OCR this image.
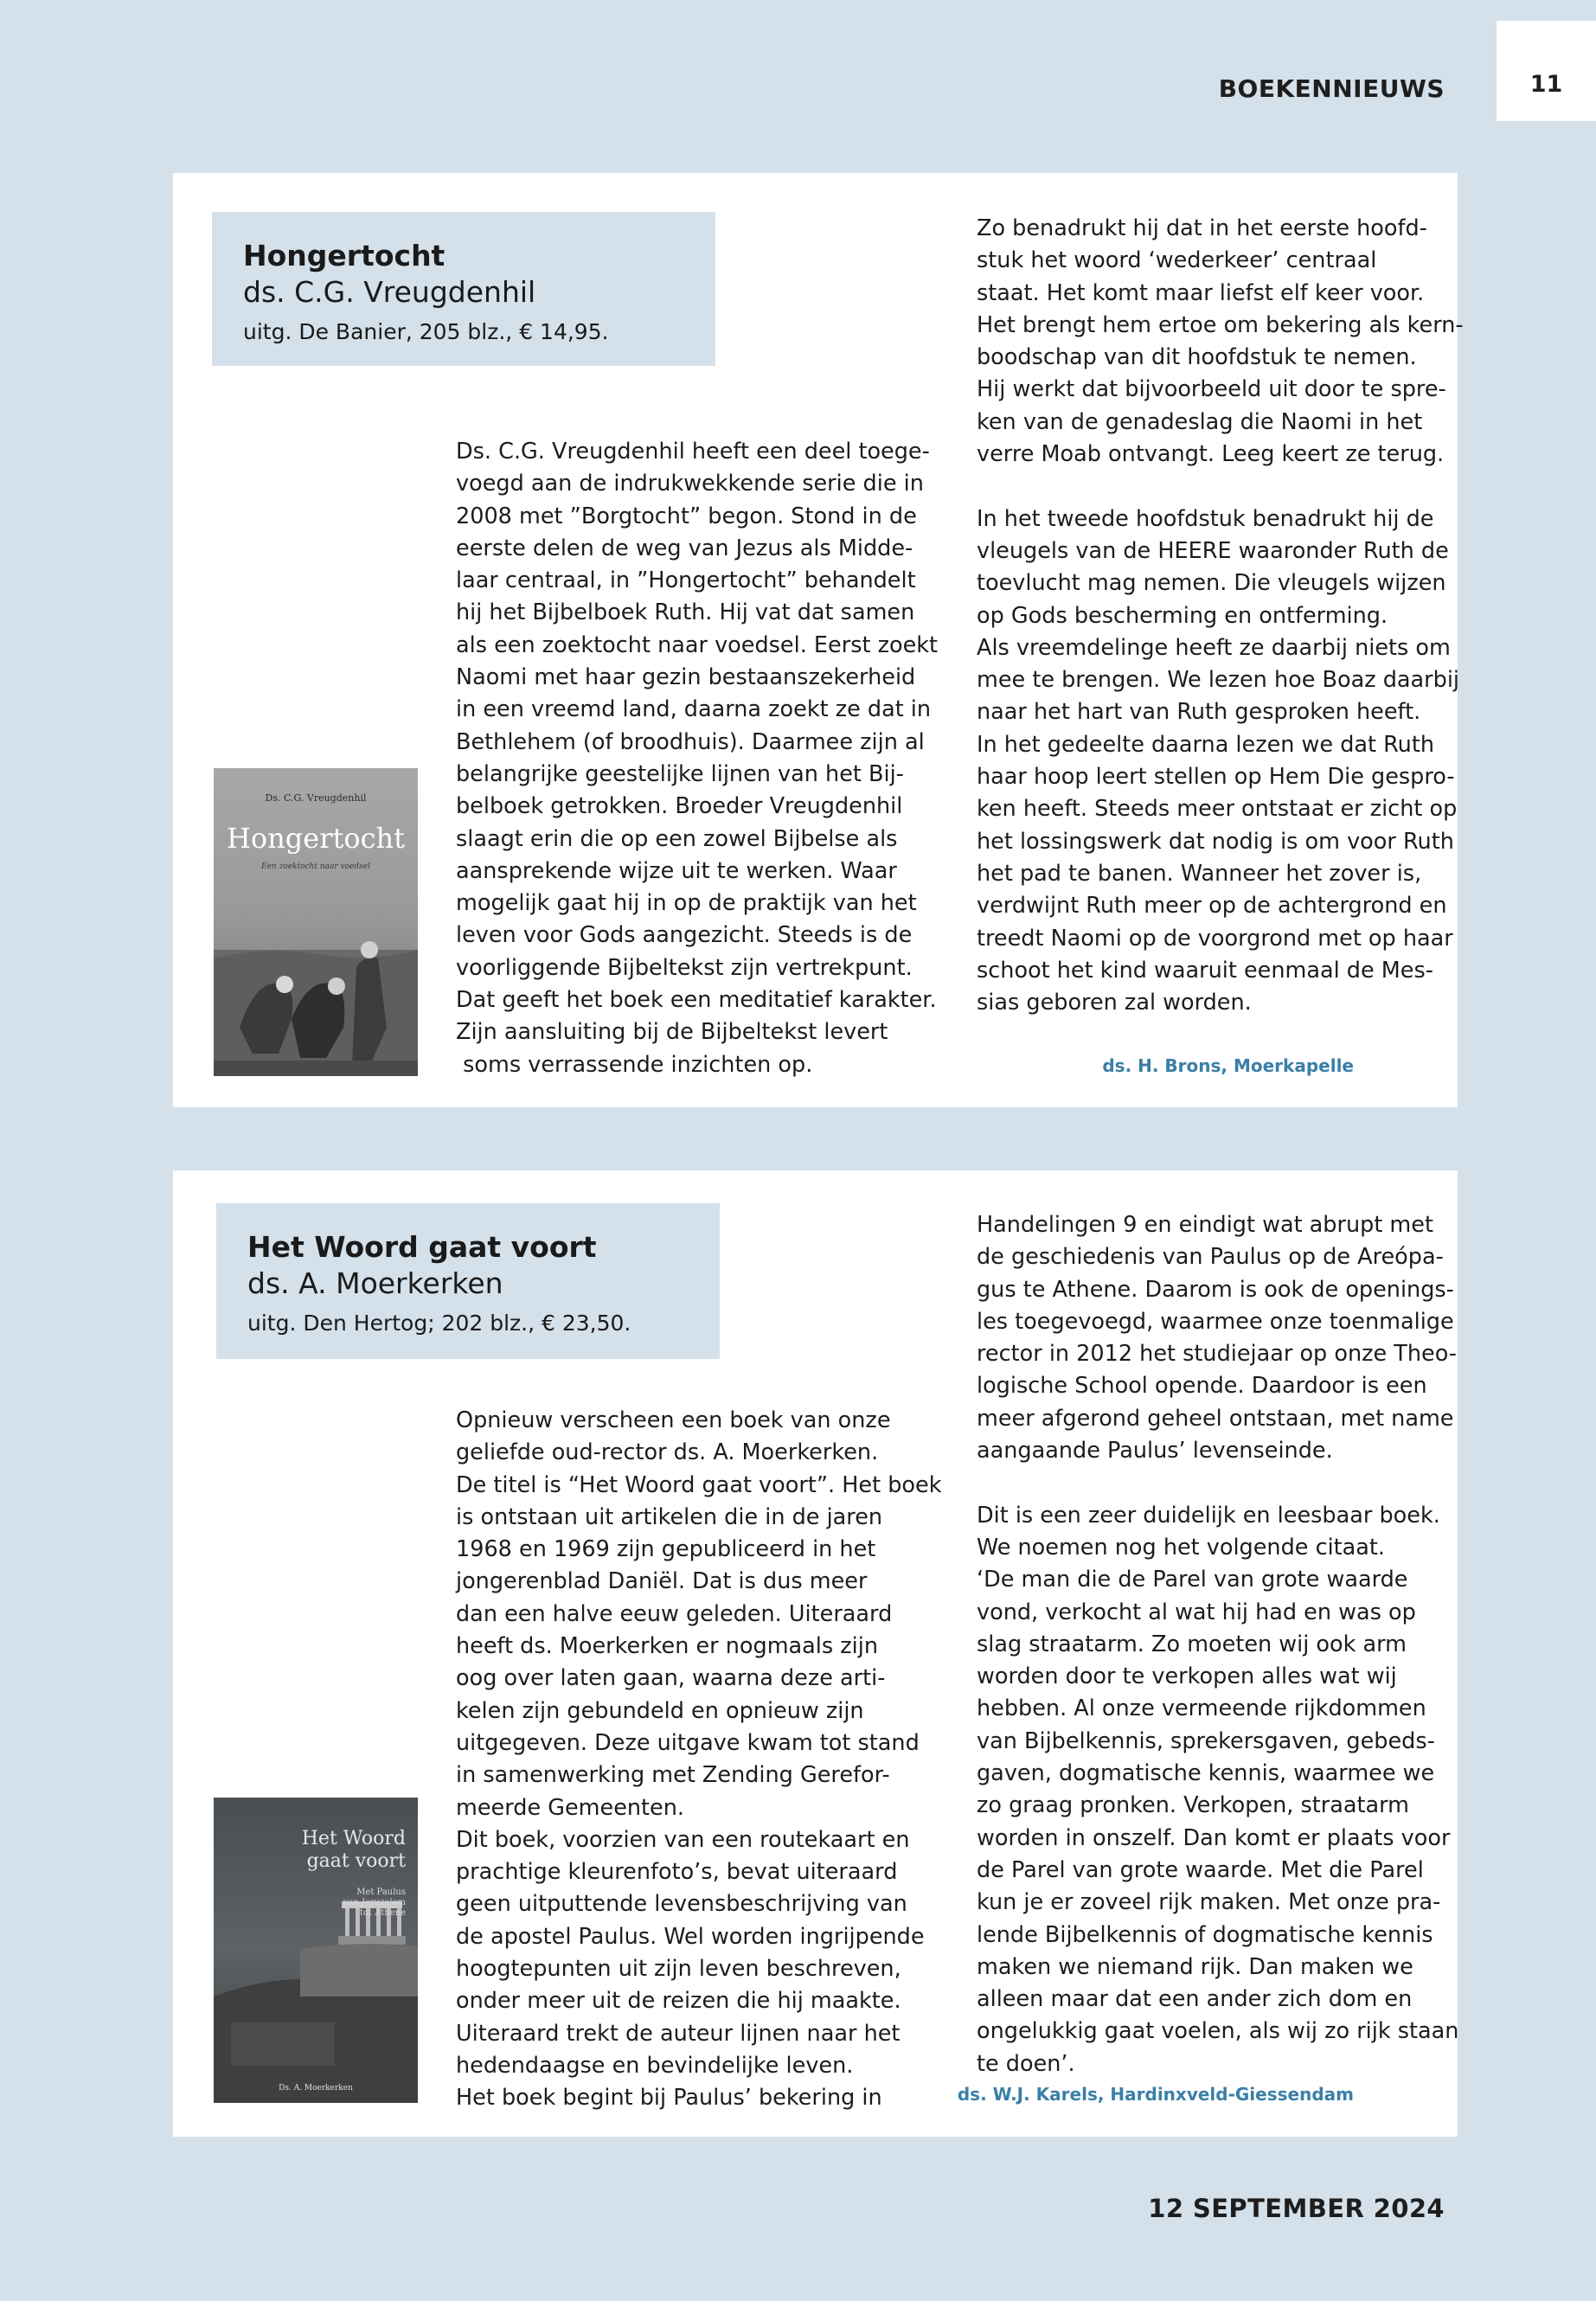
11
BOEKENNIEUWS
Hongertocht
ds. C.G. Vreugdenhil
uitg. De Banier, 205 blz., € 14,95.
Ds. C.G. Vreugdenhil
Hongertocht
Een zoektocht naar voedsel

Ds. C.G. Vreugdenhil heeft een deel toege-

voegd aan de indrukwekkende serie die in

2008 met ”Borgtocht” begon. Stond in de

eerste delen de weg van Jezus als Midde-

laar centraal, in ”Hongertocht” behandelt

hij het Bijbelboek Ruth. Hij vat dat samen

als een zoektocht naar voedsel. Eerst zoekt

Naomi met haar gezin bestaanszekerheid

in een vreemd land, daarna zoekt ze dat in

Bethlehem (of broodhuis). Daarmee zijn al

belangrijke geestelijke lijnen van het Bij-

belboek getrokken. Broeder Vreugdenhil

slaagt erin die op een zowel Bijbelse als

aansprekende wijze uit te werken. Waar

mogelijk gaat hij in op de praktijk van het

leven voor Gods aangezicht. Steeds is de

voorliggende Bijbeltekst zijn vertrekpunt.

Dat geeft het boek een meditatief karakter.

Zijn aansluiting bij de Bijbeltekst levert

soms verrassende inzichten op.

Zo benadrukt hij dat in het eerste hoofd-

stuk het woord ‘wederkeer’ centraal

staat. Het komt maar liefst elf keer voor.

Het brengt hem ertoe om bekering als kern-

boodschap van dit hoofdstuk te nemen.

Hij werkt dat bijvoorbeeld uit door te spre-

ken van de genadeslag die Naomi in het

verre Moab ontvangt. Leeg keert ze terug.

In het tweede hoofdstuk benadrukt hij de

vleugels van de HEERE waaronder Ruth de

toevlucht mag nemen. Die vleugels wijzen

op Gods bescherming en ontferming.

Als vreemdelinge heeft ze daarbij niets om

mee te brengen. We lezen hoe Boaz daarbij

naar het hart van Ruth gesproken heeft.

In het gedeelte daarna lezen we dat Ruth

haar hoop leert stellen op Hem Die gespro-

ken heeft. Steeds meer ontstaat er zicht op

het lossingswerk dat nodig is om voor Ruth

het pad te banen. Wanneer het zover is,

verdwijnt Ruth meer op de achtergrond en

treedt Naomi op de voorgrond met op haar

schoot het kind waaruit eenmaal de Mes-

sias geboren zal worden.

ds. H. Brons, Moerkapelle
Het Woord gaat voort
ds. A. Moerkerken
uitg. Den Hertog; 202 blz., € 23,50.
Het Woord
gaat voort
Met Paulus
van Jeruzalem
tot Athene
Ds. A. Moerkerken

Opnieuw verscheen een boek van onze

geliefde oud-rector ds. A. Moerkerken.

De titel is “Het Woord gaat voort”. Het boek

is ontstaan uit artikelen die in de jaren

1968 en 1969 zijn gepubliceerd in het

jongerenblad Daniël. Dat is dus meer

dan een halve eeuw geleden. Uiteraard

heeft ds. Moerkerken er nogmaals zijn

oog over laten gaan, waarna deze arti-

kelen zijn gebundeld en opnieuw zijn

uitgegeven. Deze uitgave kwam tot stand

in samenwerking met Zending Gerefor-

meerde Gemeenten.

Dit boek, voorzien van een routekaart en

prachtige kleurenfoto’s, bevat uiteraard

geen uitputtende levensbeschrijving van

de apostel Paulus. Wel worden ingrijpende

hoogtepunten uit zijn leven beschreven,

onder meer uit de reizen die hij maakte.

Uiteraard trekt de auteur lijnen naar het

hedendaagse en bevindelijke leven.

Het boek begint bij Paulus’ bekering in

Handelingen 9 en eindigt wat abrupt met

de geschiedenis van Paulus op de Areópa-

gus te Athene. Daarom is ook de openings-

les toegevoegd, waarmee onze toenmalige

rector in 2012 het studiejaar op onze Theo-

logische School opende. Daardoor is een

meer afgerond geheel ontstaan, met name

aangaande Paulus’ levenseinde.

Dit is een zeer duidelijk en leesbaar boek.

We noemen nog het volgende citaat.

‘De man die de Parel van grote waarde

vond, verkocht al wat hij had en was op

slag straatarm. Zo moeten wij ook arm

worden door te verkopen alles wat wij

hebben. Al onze vermeende rijkdommen

van Bijbelkennis, sprekersgaven, gebeds-

gaven, dogmatische kennis, waarmee we

zo graag pronken. Verkopen, straatarm

worden in onszelf. Dan komt er plaats voor

de Parel van grote waarde. Met die Parel

kun je er zoveel rijk maken. Met onze pra-

lende Bijbelkennis of dogmatische kennis

maken we niemand rijk. Dan maken we

alleen maar dat een ander zich dom en

ongelukkig gaat voelen, als wij zo rijk staan

te doen’.

ds. W.J. Karels, Hardinxveld-Giessendam
12 SEPTEMBER 2024
